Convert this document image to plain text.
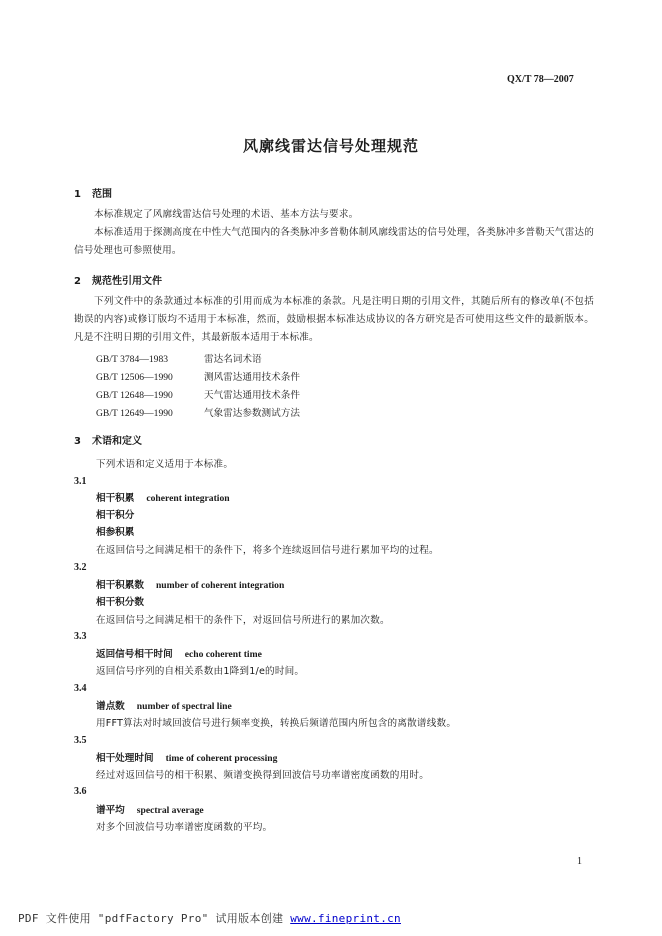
QX/T 78—2007
风廓线雷达信号处理规范
1 范围
本标准规定了风廓线雷达信号处理的术语、基本方法与要求。
本标准适用于探测高度在中性大气范围内的各类脉冲多普勒体制风廓线雷达的信号处理，各类脉冲多普勒天气雷达的信号处理也可参照使用。
2 规范性引用文件
下列文件中的条款通过本标准的引用而成为本标准的条款。凡是注明日期的引用文件，其随后所有的修改单(不包括勘误的内容)或修订版均不适用于本标准，然而，鼓励根据本标准达成协议的各方研究是否可使用这些文件的最新版本。凡是不注明日期的引用文件，其最新版本适用于本标准。
GB/T 3784—1983	雷达名词术语
GB/T 12506—1990	测风雷达通用技术条件
GB/T 12648—1990	天气雷达通用技术条件
GB/T 12649—1990	气象雷达参数测试方法
3 术语和定义
下列术语和定义适用于本标准。
3.1
相干积累 coherent integration
相干积分
相参积累
在返回信号之间满足相干的条件下，将多个连续返回信号进行累加平均的过程。
3.2
相干积累数 number of coherent integration
相干积分数
在返回信号之间满足相干的条件下，对返回信号所进行的累加次数。
3.3
返回信号相干时间 echo coherent time
返回信号序列的自相关系数由1降到1/e的时间。
3.4
谱点数 number of spectral line
用FFT算法对时域回波信号进行频率变换，转换后频谱范围内所包含的离散谱线数。
3.5
相干处理时间 time of coherent processing
经过对返回信号的相干积累、频谱变换得到回波信号功率谱密度函数的用时。
3.6
谱平均 spectral average
对多个回波信号功率谱密度函数的平均。
1
PDF 文件使用 "pdfFactory Pro" 试用版本创建 www.fineprint.cn
